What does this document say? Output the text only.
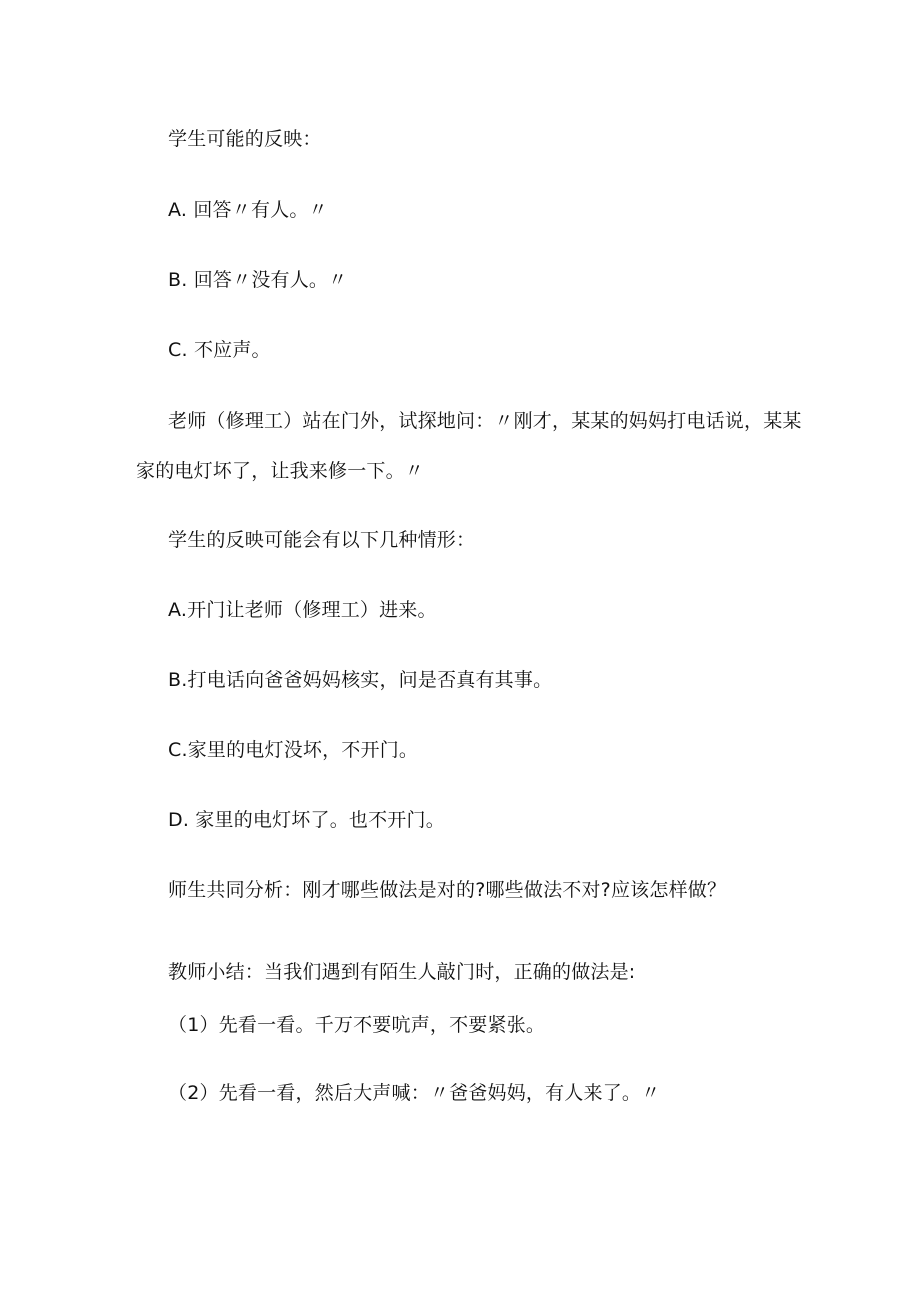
学生可能的反映：
A. 回答〃有人。〃
B. 回答〃没有人。〃
C. 不应声。
老师（修理工）站在门外，试探地问：〃刚才，某某的妈妈打电话说，某某
家的电灯坏了，让我来修一下。〃
学生的反映可能会有以下几种情形：
A.开门让老师（修理工）进来。
B.打电话向爸爸妈妈核实，问是否真有其事。
C.家里的电灯没坏，不开门。
D. 家里的电灯坏了。也不开门。
师生共同分析：刚才哪些做法是对的?哪些做法不对?应该怎样做？
教师小结：当我们遇到有陌生人敲门时，正确的做法是:
（1）先看一看。千万不要吭声，不要紧张。
（2）先看一看，然后大声喊：〃爸爸妈妈，有人来了。〃
